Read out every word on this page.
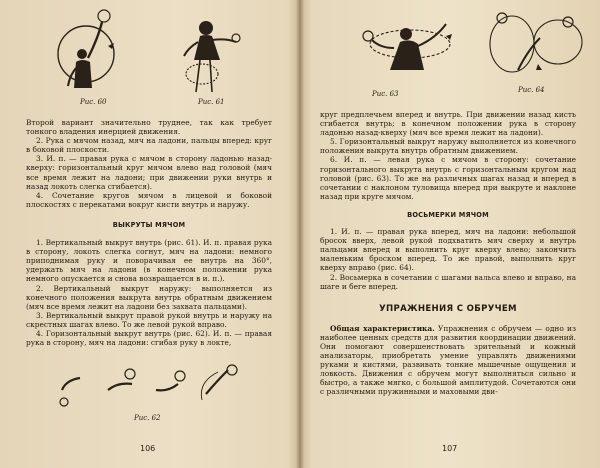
Рис. 60	Рис. 61

Второй вариант значительно труднее, так как требует тонкого владения инерцией движения.

2. Рука с мячом назад, мяч на ладони, пальцы вперед: круг в боковой плоскости.

3. И. п. — правая рука с мячом в сторону ладонью назад-кверху: горизонтальный круг мячом влево над головой (мяч все время лежит на ладони; при движении руки внутрь и назад локоть слегка сгибается).

4. Сочетание кругов мячом в лицевой и боковой плоскостях с перекатами вокруг кисти внутрь и наружу.

ВЫКРУТЫ МЯЧОМ

1. Вертикальный выкрут внутрь (рис. 61). И. п. правая рука в сторону, локоть слегка согнут, мяч на ладони: немного приподнимая руку и поворачивая ее внутрь на 360°, удержать мяч на ладони (в конечном положении рука немного опускается и снова возвращается в и. п.).

2. Вертикальный выкрут наружу: выполняется из конечного положения выкрута внутрь обратным движением (мяч все время лежит на ладони без захвата пальцами).

3. Вертикальный выкрут правой рукой внутрь и наружу на скрестных шагах влево. То же левой рукой вправо.

4. Горизонтальный выкрут внутрь (рис. 62). И. п. — правая рука в сторону, мяч на ладони: сгибая руку в локте,

Рис. 62
106
Рис. 63	Рис. 64

круг предплечьем вперед и внутрь. При движении назад кисть сгибается внутрь; в конечном положении рука в сторону ладонью назад-кверху (мяч все время лежит на ладони).

5. Горизонтальный выкрут наружу выполняется из конечного положения выкрута внутрь обратным движением.

6. И. п. — левая рука с мячом в сторону: сочетание горизонтального выкрута внутрь с горизонтальным кругом над головой (рис. 63). То же на различных шагах назад и вперед в сочетании с наклоном туловища вперед при выкруте и наклоне назад при круге мячом.

ВОСЬМЕРКИ МЯЧОМ

1. И. п. — правая рука вперед, мяч на ладони: небольшой бросок вверх, левой рукой подхватить мяч сверху и внутрь пальцами вперед и выполнить круг кверху влево; закончить маленьким броском вперед. То же правой, выполнить круг кверху вправо (рис. 64).

2. Восьмерка в сочетании с шагами вальса влево и вправо, на шаге и беге вперед.

УПРАЖНЕНИЯ С ОБРУЧЕМ

Общая характеристика. Упражнения с обручем — одно из наиболее ценных средств для развития координации движений. Они помогают совершенствовать зрительный и кожный анализаторы, приобретать умение управлять движениями руками и кистями, развивать тонкие мышечные ощущения и ловкость. Движения с обручем могут выполняться сильно и быстро, а также мягко, с большой амплитудой. Сочетаются они с различными пружинными и маховыми дви-

107
